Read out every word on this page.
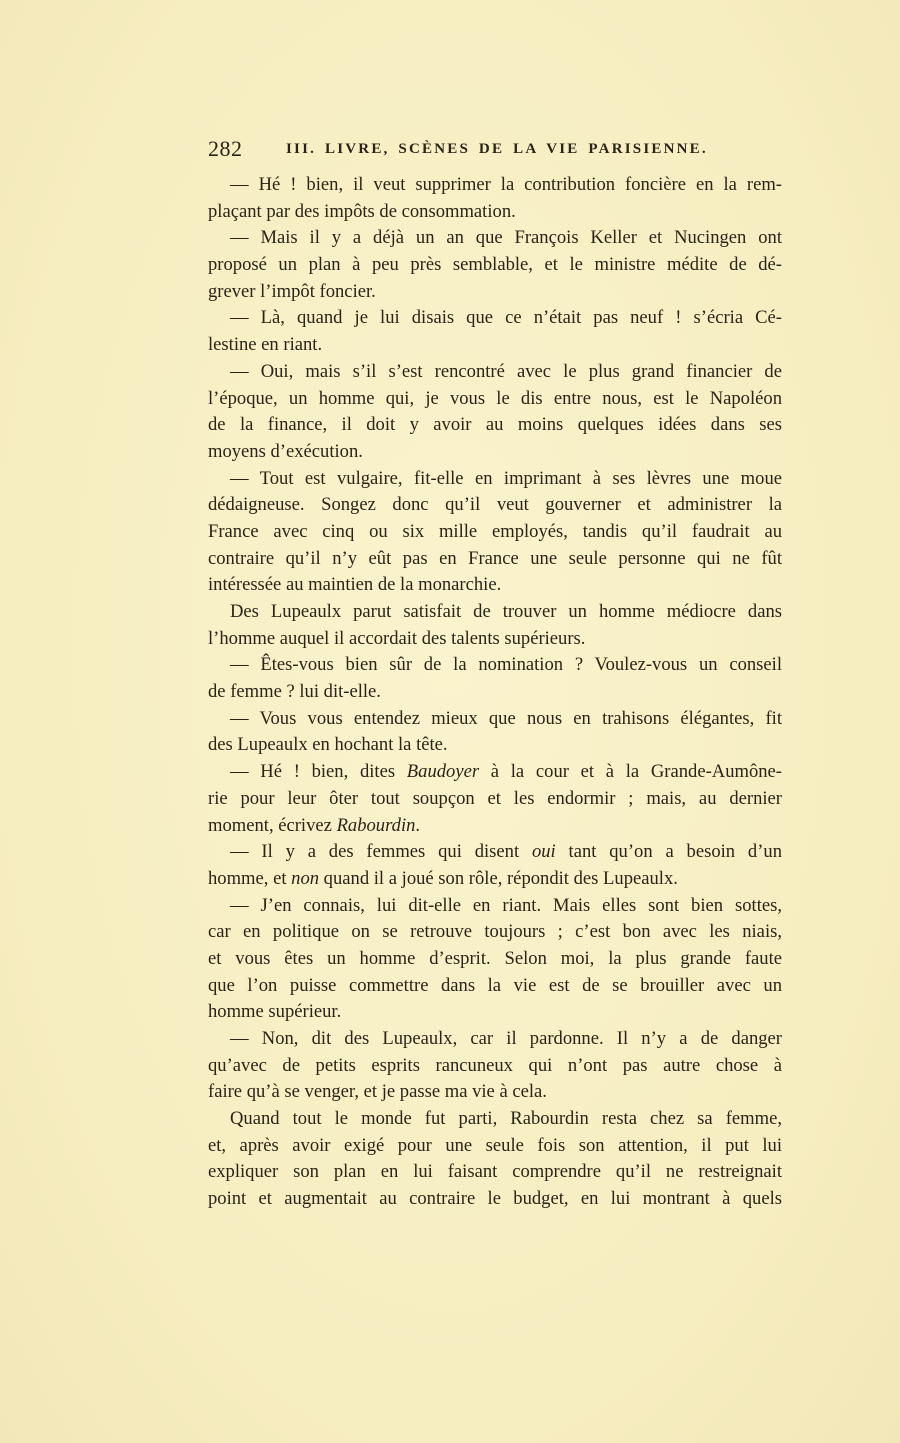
282	III. LIVRE, SCÈNES DE LA VIE PARISIENNE.
— Hé ! bien, il veut supprimer la contribution foncière en la rem-
plaçant par des impôts de consommation.
— Mais il y a déjà un an que François Keller et Nucingen ont
proposé un plan à peu près semblable, et le ministre médite de dé-
grever l’impôt foncier.
— Là, quand je lui disais que ce n’était pas neuf ! s’écria Cé-
lestine en riant.
— Oui, mais s’il s’est rencontré avec le plus grand financier de
l’époque, un homme qui, je vous le dis entre nous, est le Napoléon
de la finance, il doit y avoir au moins quelques idées dans ses
moyens d’exécution.
— Tout est vulgaire, fit-elle en imprimant à ses lèvres une moue
dédaigneuse. Songez donc qu’il veut gouverner et administrer la
France avec cinq ou six mille employés, tandis qu’il faudrait au
contraire qu’il n’y eût pas en France une seule personne qui ne fût
intéressée au maintien de la monarchie.
Des Lupeaulx parut satisfait de trouver un homme médiocre dans
l’homme auquel il accordait des talents supérieurs.
— Êtes-vous bien sûr de la nomination ? Voulez-vous un conseil
de femme ? lui dit-elle.
— Vous vous entendez mieux que nous en trahisons élégantes, fit
des Lupeaulx en hochant la tête.
— Hé ! bien, dites Baudoyer à la cour et à la Grande-Aumône-
rie pour leur ôter tout soupçon et les endormir ; mais, au dernier
moment, écrivez Rabourdin.
— Il y a des femmes qui disent oui tant qu’on a besoin d’un
homme, et non quand il a joué son rôle, répondit des Lupeaulx.
— J’en connais, lui dit-elle en riant. Mais elles sont bien sottes,
car en politique on se retrouve toujours ; c’est bon avec les niais,
et vous êtes un homme d’esprit. Selon moi, la plus grande faute
que l’on puisse commettre dans la vie est de se brouiller avec un
homme supérieur.
— Non, dit des Lupeaulx, car il pardonne. Il n’y a de danger
qu’avec de petits esprits rancuneux qui n’ont pas autre chose à
faire qu’à se venger, et je passe ma vie à cela.
Quand tout le monde fut parti, Rabourdin resta chez sa femme,
et, après avoir exigé pour une seule fois son attention, il put lui
expliquer son plan en lui faisant comprendre qu’il ne restreignait
point et augmentait au contraire le budget, en lui montrant à quels
